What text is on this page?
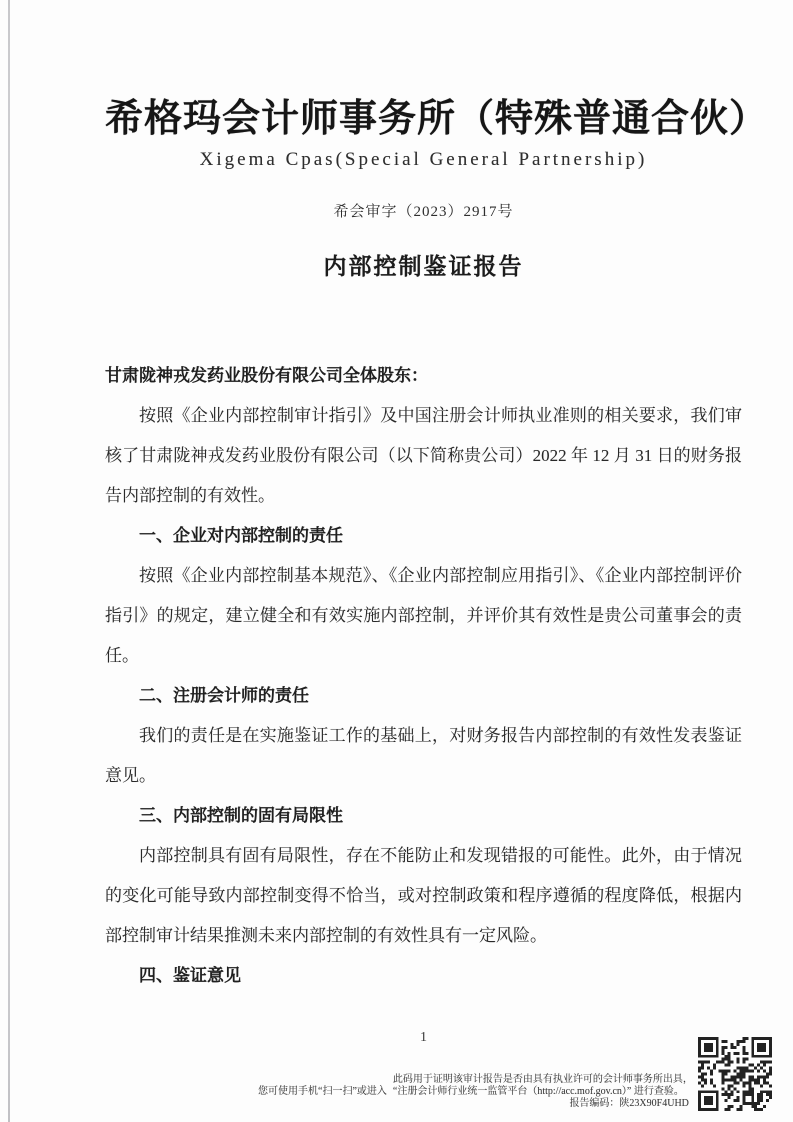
希格玛会计师事务所（特殊普通合伙）
Xigema Cpas(Special General Partnership)
希会审字（2023）2917号
内部控制鉴证报告
甘肃陇神戎发药业股份有限公司全体股东：
按照《企业内部控制审计指引》及中国注册会计师执业准则的相关要求，我们审核了甘肃陇神戎发药业股份有限公司（以下简称贵公司）2022 年 12 月 31 日的财务报告内部控制的有效性。
一、企业对内部控制的责任
按照《企业内部控制基本规范》、《企业内部控制应用指引》、《企业内部控制评价指引》的规定，建立健全和有效实施内部控制，并评价其有效性是贵公司董事会的责任。
二、注册会计师的责任
我们的责任是在实施鉴证工作的基础上，对财务报告内部控制的有效性发表鉴证意见。
三、内部控制的固有局限性
内部控制具有固有局限性，存在不能防止和发现错报的可能性。此外，由于情况的变化可能导致内部控制变得不恰当，或对控制政策和程序遵循的程度降低，根据内部控制审计结果推测未来内部控制的有效性具有一定风险。
四、鉴证意见
1
您可使用手机“扫一扫”或进入
此码用于证明该审计报告是否由具有执业许可的会计师事务所出具，
“注册会计师行业统一监管平台（http://acc.mof.gov.cn）” 进行查验。
报告编码：陕23X90F4UHD
